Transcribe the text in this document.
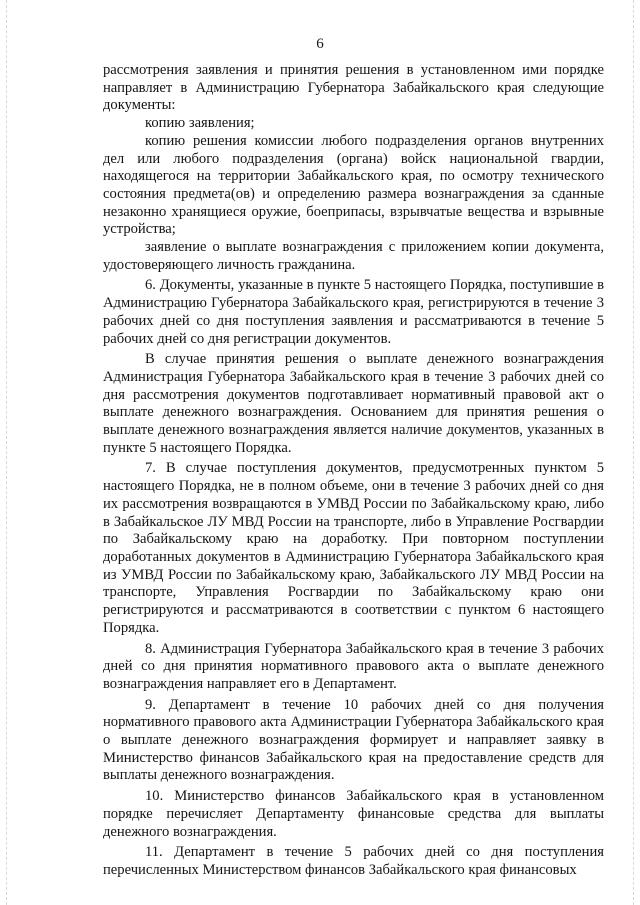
6

рассмотрения заявления и принятия решения в установленном ими порядке направляет в Администрацию Губернатора Забайкальского края следующие документы:

копию заявления;

копию решения комиссии любого подразделения органов внутренних дел или любого подразделения (органа) войск национальной гвардии, находящегося на территории Забайкальского края, по осмотру технического состояния предмета(ов) и определению размера вознаграждения за сданные незаконно хранящиеся оружие, боеприпасы, взрывчатые вещества и взрывные устройства;

заявление о выплате вознаграждения с приложением копии документа, удостоверяющего личность гражданина.

6. Документы, указанные в пункте 5 настоящего Порядка, поступившие в Администрацию Губернатора Забайкальского края, регистрируются в течение 3 рабочих дней со дня поступления заявления и рассматриваются в течение 5 рабочих дней со дня регистрации документов.

В случае принятия решения о выплате денежного вознаграждения Администрация Губернатора Забайкальского края в течение 3 рабочих дней со дня рассмотрения документов подготавливает нормативный правовой акт о выплате денежного вознаграждения. Основанием для принятия решения о выплате денежного вознаграждения является наличие документов, указанных в пункте 5 настоящего Порядка.

7. В случае поступления документов, предусмотренных пунктом 5 настоящего Порядка, не в полном объеме, они в течение 3 рабочих дней со дня их рассмотрения возвращаются в УМВД России по Забайкальскому краю, либо в Забайкальское ЛУ МВД России на транспорте, либо в Управление Росгвардии по Забайкальскому краю на доработку. При повторном поступлении доработанных документов в Администрацию Губернатора Забайкальского края из УМВД России по Забайкальскому краю, Забайкальского ЛУ МВД России на транспорте, Управления Росгвардии по Забайкальскому краю они регистрируются и рассматриваются в соответствии с пунктом 6 настоящего Порядка.

8. Администрация Губернатора Забайкальского края в течение 3 рабочих дней со дня принятия нормативного правового акта о выплате денежного вознаграждения направляет его в Департамент.

9. Департамент в течение 10 рабочих дней со дня получения нормативного правового акта Администрации Губернатора Забайкальского края о выплате денежного вознаграждения формирует и направляет заявку в Министерство финансов Забайкальского края на предоставление средств для выплаты денежного вознаграждения.

10. Министерство финансов Забайкальского края в установленном порядке перечисляет Департаменту финансовые средства для выплаты денежного вознаграждения.

11. Департамент в течение 5 рабочих дней со дня поступления перечисленных Министерством финансов Забайкальского края финансовых
